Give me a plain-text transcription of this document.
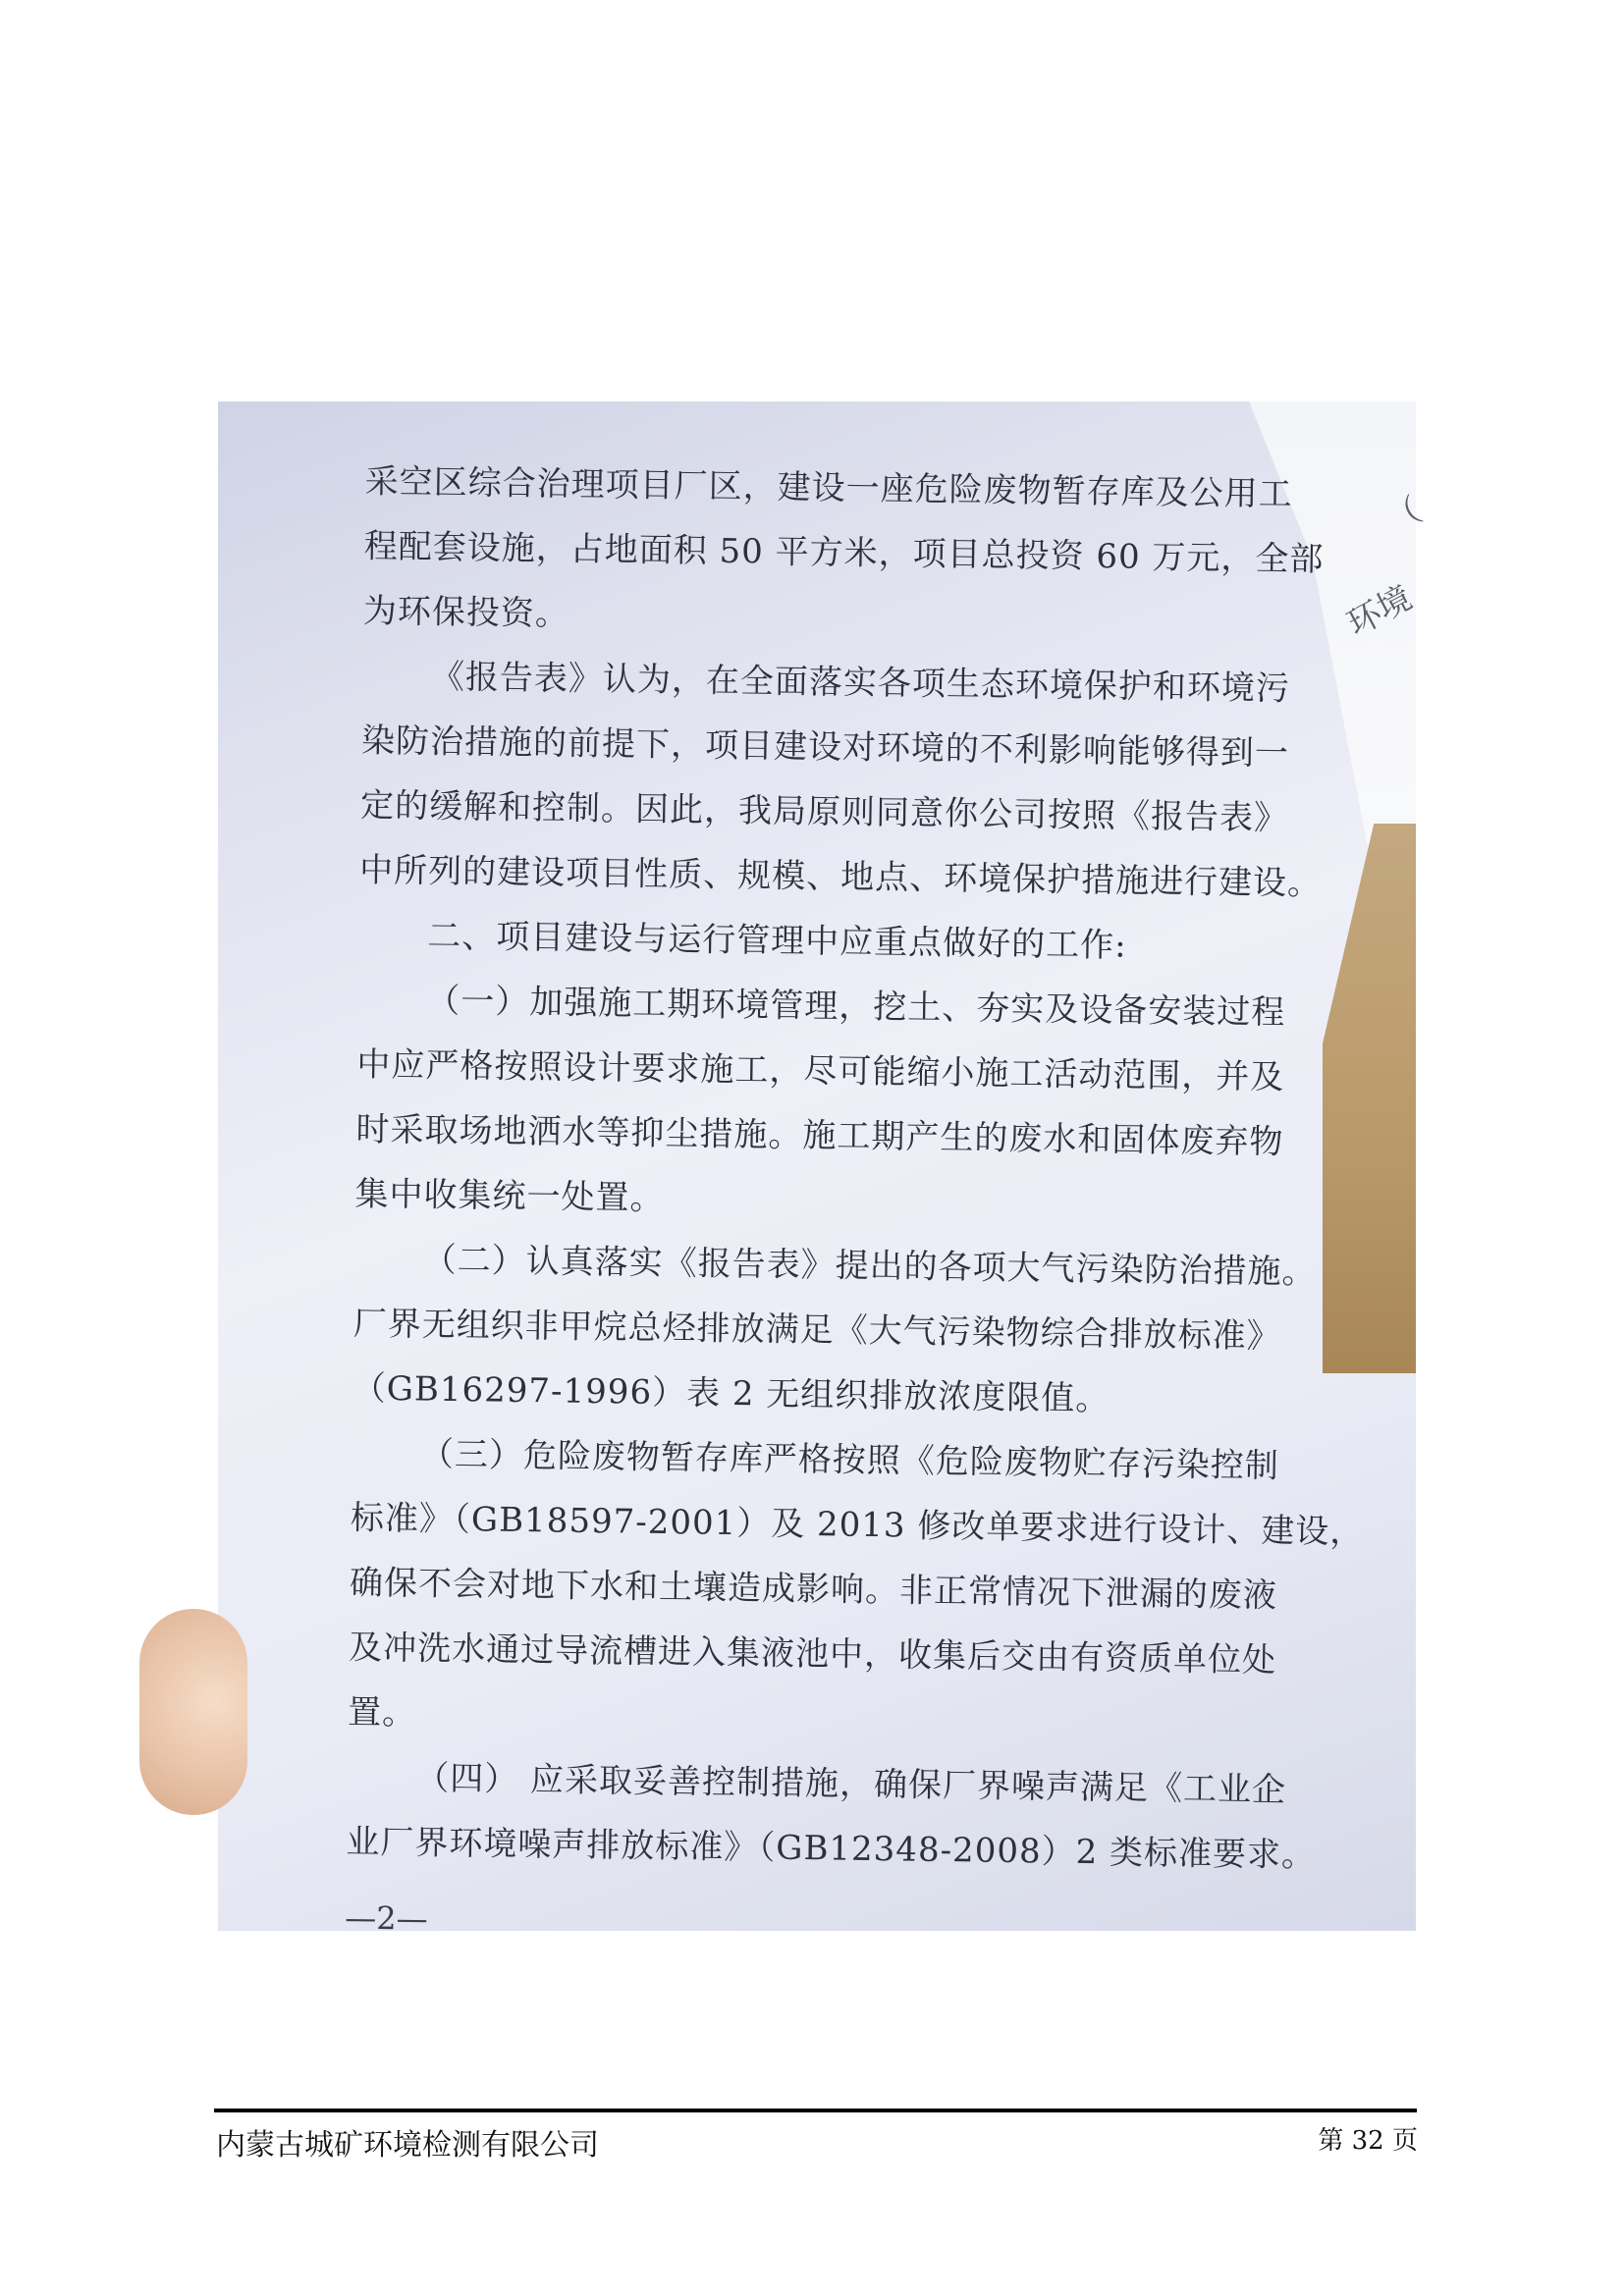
（
环境
采空区综合治理项目厂区，建设一座危险废物暂存库及公用工
程配套设施，占地面积 50 平方米，项目总投资 60 万元，全部
为环保投资。
《报告表》认为，在全面落实各项生态环境保护和环境污
染防治措施的前提下，项目建设对环境的不利影响能够得到一
定的缓解和控制。因此，我局原则同意你公司按照《报告表》
中所列的建设项目性质、规模、地点、环境保护措施进行建设。
二、项目建设与运行管理中应重点做好的工作:
（一）加强施工期环境管理，挖土、夯实及设备安装过程
中应严格按照设计要求施工，尽可能缩小施工活动范围，并及
时采取场地洒水等抑尘措施。施工期产生的废水和固体废弃物
集中收集统一处置。
（二）认真落实《报告表》提出的各项大气污染防治措施。
厂界无组织非甲烷总烃排放满足《大气污染物综合排放标准》
（GB16297-1996）表 2 无组织排放浓度限值。
（三）危险废物暂存库严格按照《危险废物贮存污染控制
标准》（GB18597-2001）及 2013 修改单要求进行设计、建设，
确保不会对地下水和土壤造成影响。非正常情况下泄漏的废液
及冲洗水通过导流槽进入集液池中，收集后交由有资质单位处
置。
（四） 应采取妥善控制措施，确保厂界噪声满足《工业企
业厂界环境噪声排放标准》（GB12348-2008）2 类标准要求。
—2—
内蒙古城矿环境检测有限公司	第 32 页
